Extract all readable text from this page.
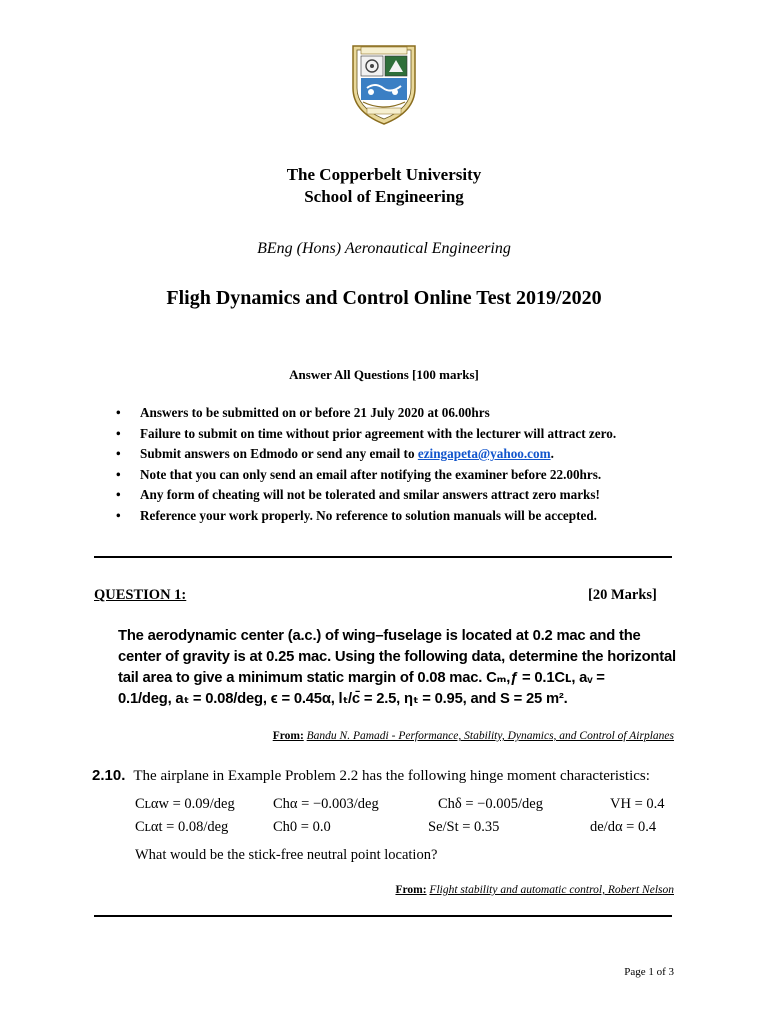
The Copperbelt University
School of Engineering
BEng (Hons) Aeronautical Engineering
Fligh Dynamics and Control Online Test 2019/2020
Answer All Questions [100 marks]
• Answers to be submitted on or before 21 July 2020 at 06.00hrs
• Failure to submit on time without prior agreement with the lecturer will attract zero.
• Submit answers on Edmodo or send any email to ezingapeta@yahoo.com.
• Note that you can only send an email after notifying the examiner before 22.00hrs.
• Any form of cheating will not be tolerated and smilar answers attract zero marks!
• Reference your work properly. No reference to solution manuals will be accepted.
QUESTION 1:	[20 Marks]
The aerodynamic center (a.c.) of wing–fuselage is located at 0.2 mac and the
center of gravity is at 0.25 mac. Using the following data, determine the horizontal
tail area to give a minimum static margin of 0.08 mac. Cₘ,ƒ = 0.1Cʟ, aᵥ =
0.1/deg, aₜ = 0.08/deg, ϵ = 0.45α, lₜ/c̄ = 2.5, ηₜ = 0.95, and S = 25 m².
From: Bandu N. Pamadi - Performance, Stability, Dynamics, and Control of Airplanes
2.10. The airplane in Example Problem 2.2 has the following hinge moment characteristics:
Cʟαw = 0.09/deg	Chα = −0.003/deg	Chδ = −0.005/deg	VH = 0.4
Cʟαt = 0.08/deg	Ch0 = 0.0	Se/St = 0.35	de/dα = 0.4
What would be the stick-free neutral point location?
From: Flight stability and automatic control, Robert Nelson
Page 1 of 3
